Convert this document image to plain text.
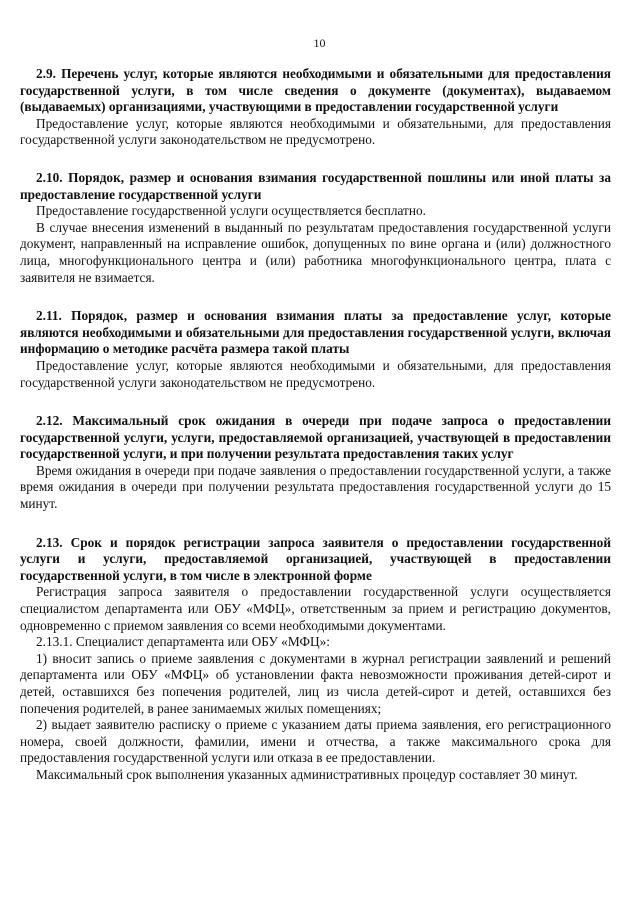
10

2.9. Перечень услуг, которые являются необходимыми и обязательными для предоставления государственной услуги, в том числе сведения о документе (документах), выдаваемом (выдаваемых) организациями, участвующими в предоставлении государственной услуги

Предоставление услуг, которые являются необходимыми и обязательными, для предоставления государственной услуги законодательством не предусмотрено.

2.10. Порядок, размер и основания взимания государственной пошлины или иной платы за предоставление государственной услуги

Предоставление государственной услуги осуществляется бесплатно.

В случае внесения изменений в выданный по результатам предоставления государственной услуги документ, направленный на исправление ошибок, допущенных по вине органа и (или) должностного лица, многофункционального центра и (или) работника многофункционального центра, плата с заявителя не взимается.

2.11. Порядок, размер и основания взимания платы за предоставление услуг, которые являются необходимыми и обязательными для предоставления государственной услуги, включая информацию о методике расчёта размера такой платы

Предоставление услуг, которые являются необходимыми и обязательными, для предоставления государственной услуги законодательством не предусмотрено.

2.12. Максимальный срок ожидания в очереди при подаче запроса о предоставлении государственной услуги, услуги, предоставляемой организацией, участвующей в предоставлении государственной услуги, и при получении результата предоставления таких услуг

Время ожидания в очереди при подаче заявления о предоставлении государственной услуги, а также время ожидания в очереди при получении результата предоставления государственной услуги до 15 минут.

2.13. Срок и порядок регистрации запроса заявителя о предоставлении государственной услуги и услуги, предоставляемой организацией, участвующей в предоставлении государственной услуги, в том числе в электронной форме

Регистрация запроса заявителя о предоставлении государственной услуги осуществляется специалистом департамента или ОБУ «МФЦ», ответственным за прием и регистрацию документов, одновременно с приемом заявления со всеми необходимыми документами.

2.13.1. Специалист департамента или ОБУ «МФЦ»:

1) вносит запись о приеме заявления с документами в журнал регистрации заявлений и решений департамента или ОБУ «МФЦ» об установлении факта невозможности проживания детей-сирот и детей, оставшихся без попечения родителей, лиц из числа детей-сирот и детей, оставшихся без попечения родителей, в ранее занимаемых жилых помещениях;

2) выдает заявителю расписку о приеме с указанием даты приема заявления, его регистрационного номера, своей должности, фамилии, имени и отчества, а также максимального срока для предоставления государственной услуги или отказа в ее предоставлении.

Максимальный срок выполнения указанных административных процедур составляет 30 минут.
